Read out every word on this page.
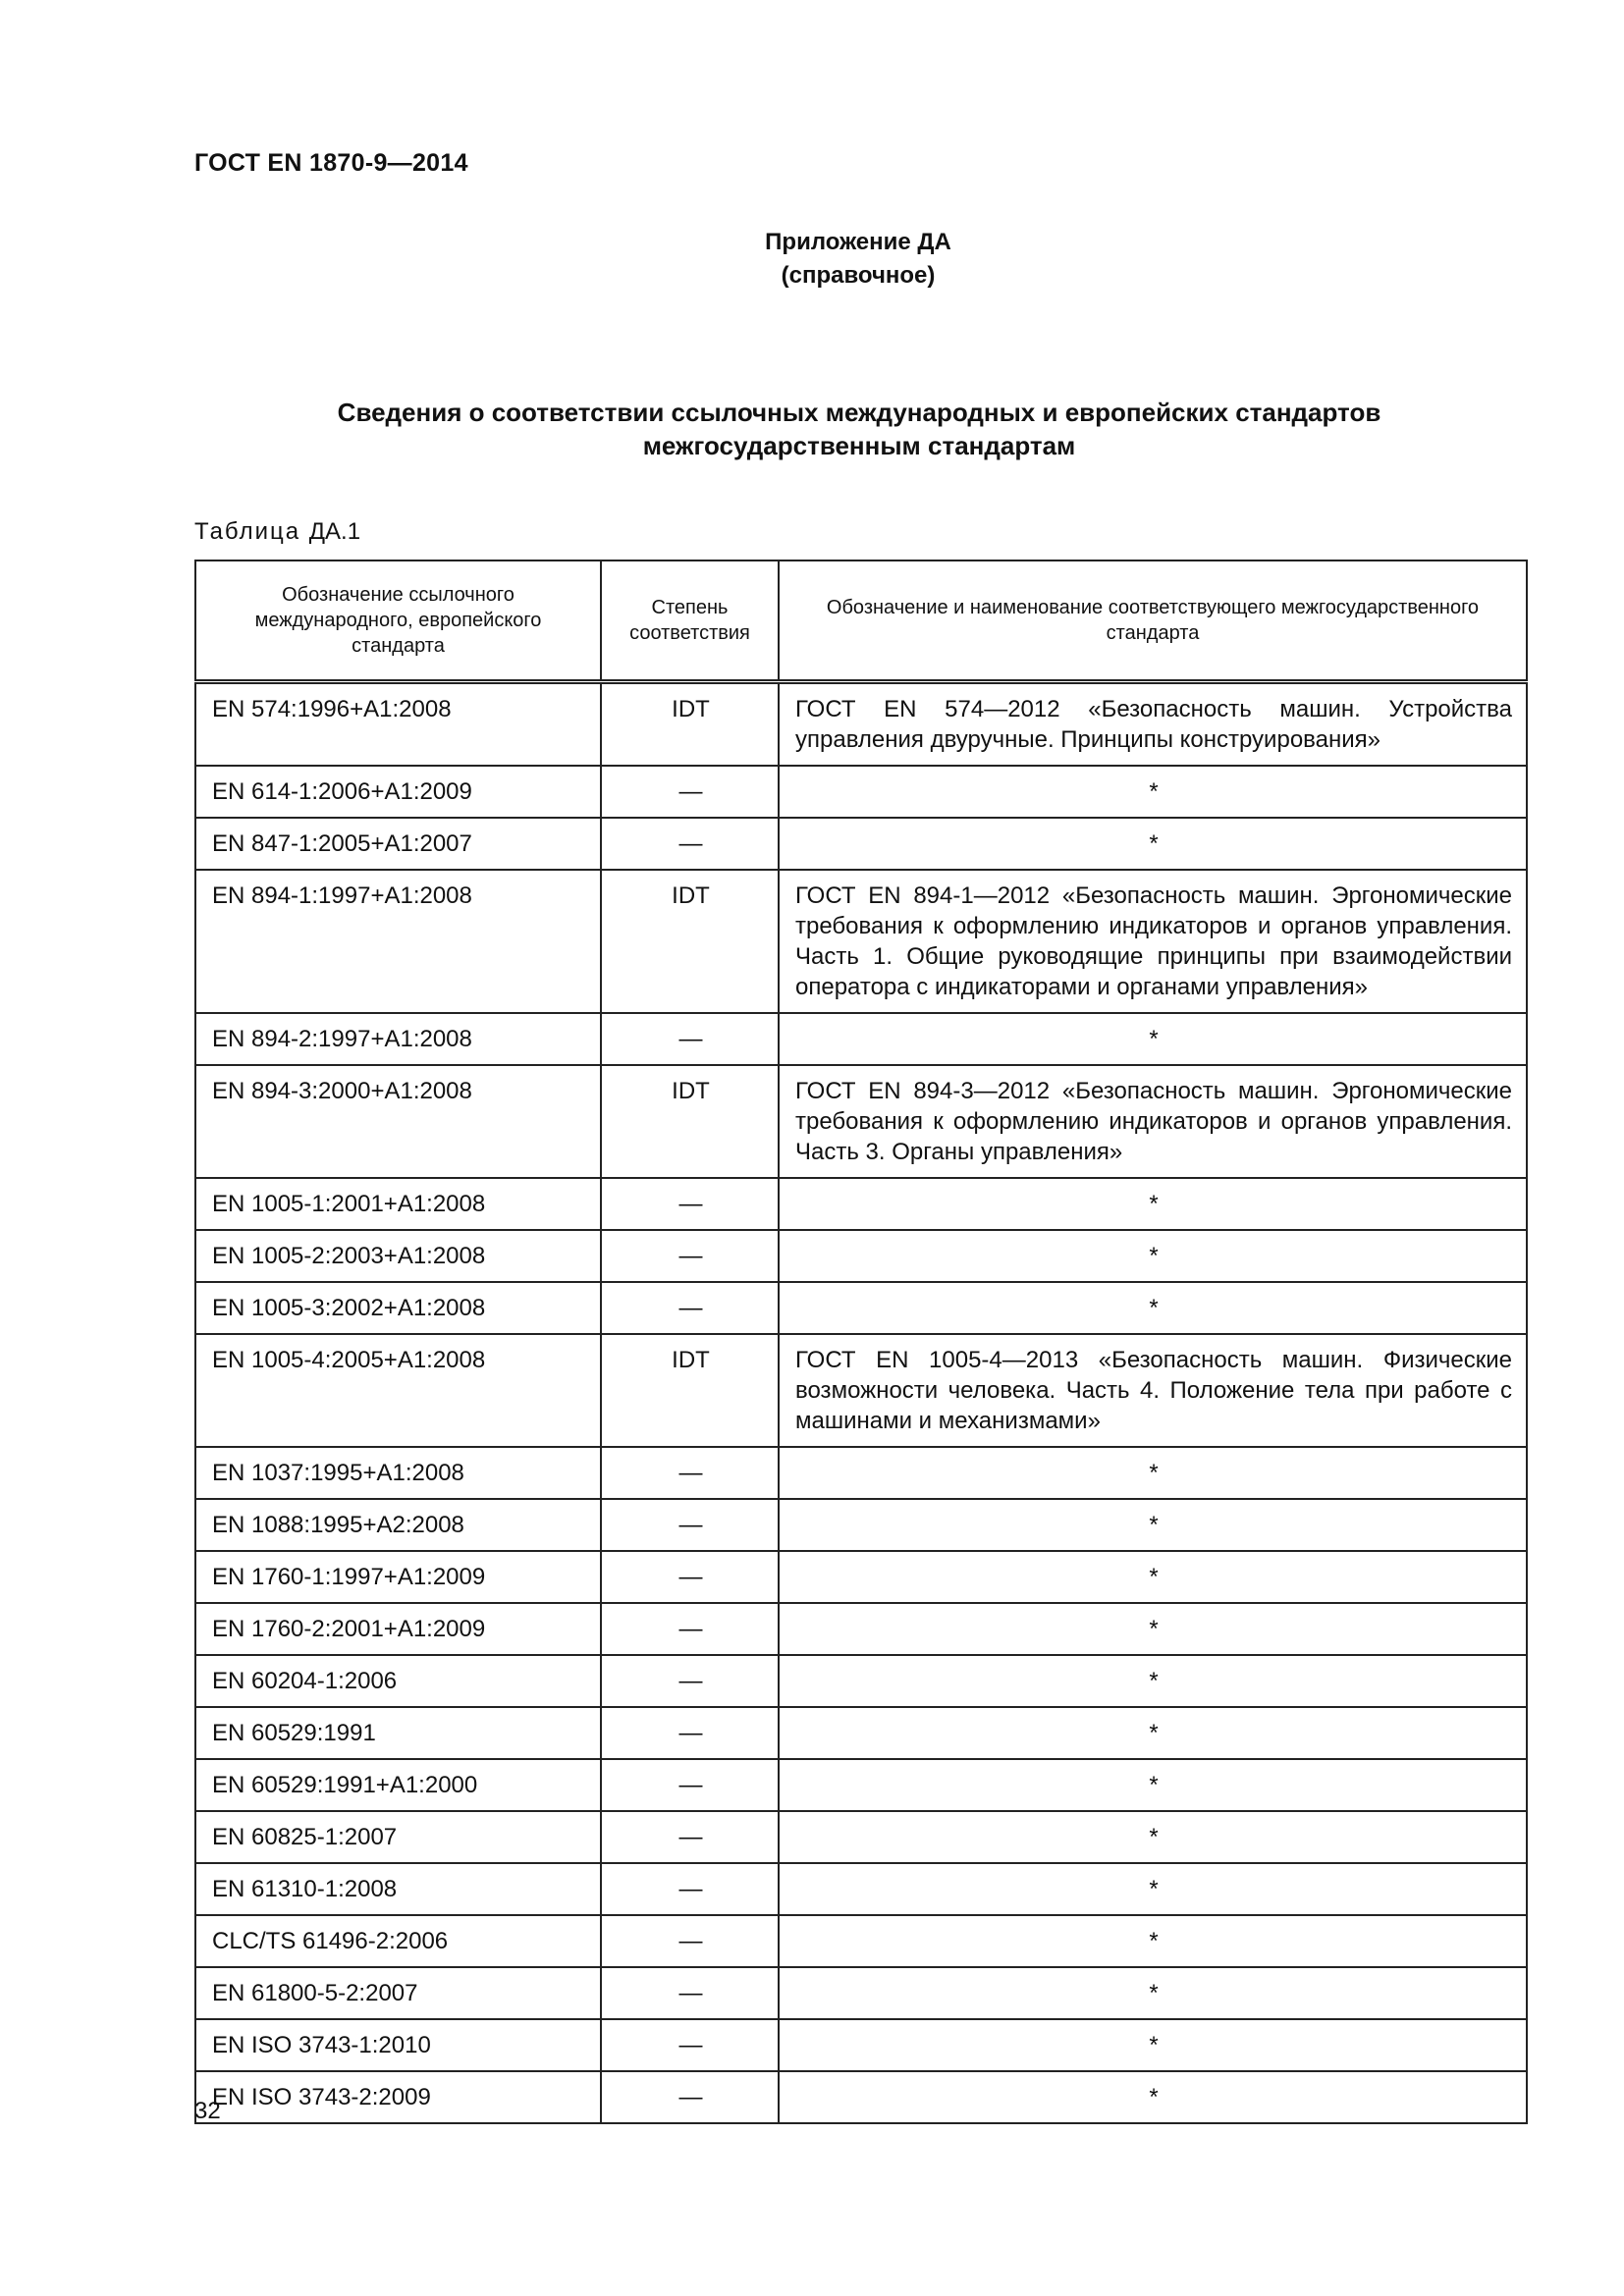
ГОСТ EN 1870-9—2014
Приложение ДА
(справочное)
Сведения о соответствии ссылочных международных и европейских стандартов
межгосударственным стандартам
Таблица ДА.1
Обозначение ссылочного международного, европейского стандарта	Степень соответствия	Обозначение и наименование соответствующего межгосударственного стандарта
EN 574:1996+A1:2008	IDT	ГОСТ EN 574—2012 «Безопасность машин. Устройства управления двуручные. Принципы конструирования»
EN 614-1:2006+A1:2009	—	*
EN 847-1:2005+A1:2007	—	*
EN 894-1:1997+A1:2008	IDT	ГОСТ EN 894-1—2012 «Безопасность машин. Эргономические требования к оформлению индикаторов и органов управления. Часть 1. Общие руководящие принципы при взаимодействии оператора с индикаторами и органами управления»
EN 894-2:1997+A1:2008	—	*
EN 894-3:2000+A1:2008	IDT	ГОСТ EN 894-3—2012 «Безопасность машин. Эргономические требования к оформлению индикаторов и органов управления. Часть 3. Органы управления»
EN 1005-1:2001+A1:2008	—	*
EN 1005-2:2003+A1:2008	—	*
EN 1005-3:2002+A1:2008	—	*
EN 1005-4:2005+A1:2008	IDT	ГОСТ EN 1005-4—2013 «Безопасность машин. Физические возможности человека. Часть 4. Положение тела при работе с машинами и механизмами»
EN 1037:1995+A1:2008	—	*
EN 1088:1995+A2:2008	—	*
EN 1760-1:1997+A1:2009	—	*
EN 1760-2:2001+A1:2009	—	*
EN 60204-1:2006	—	*
EN 60529:1991	—	*
EN 60529:1991+A1:2000	—	*
EN 60825-1:2007	—	*
EN 61310-1:2008	—	*
CLC/TS 61496-2:2006	—	*
EN 61800-5-2:2007	—	*
EN ISO 3743-1:2010	—	*
EN ISO 3743-2:2009	—	*
32
